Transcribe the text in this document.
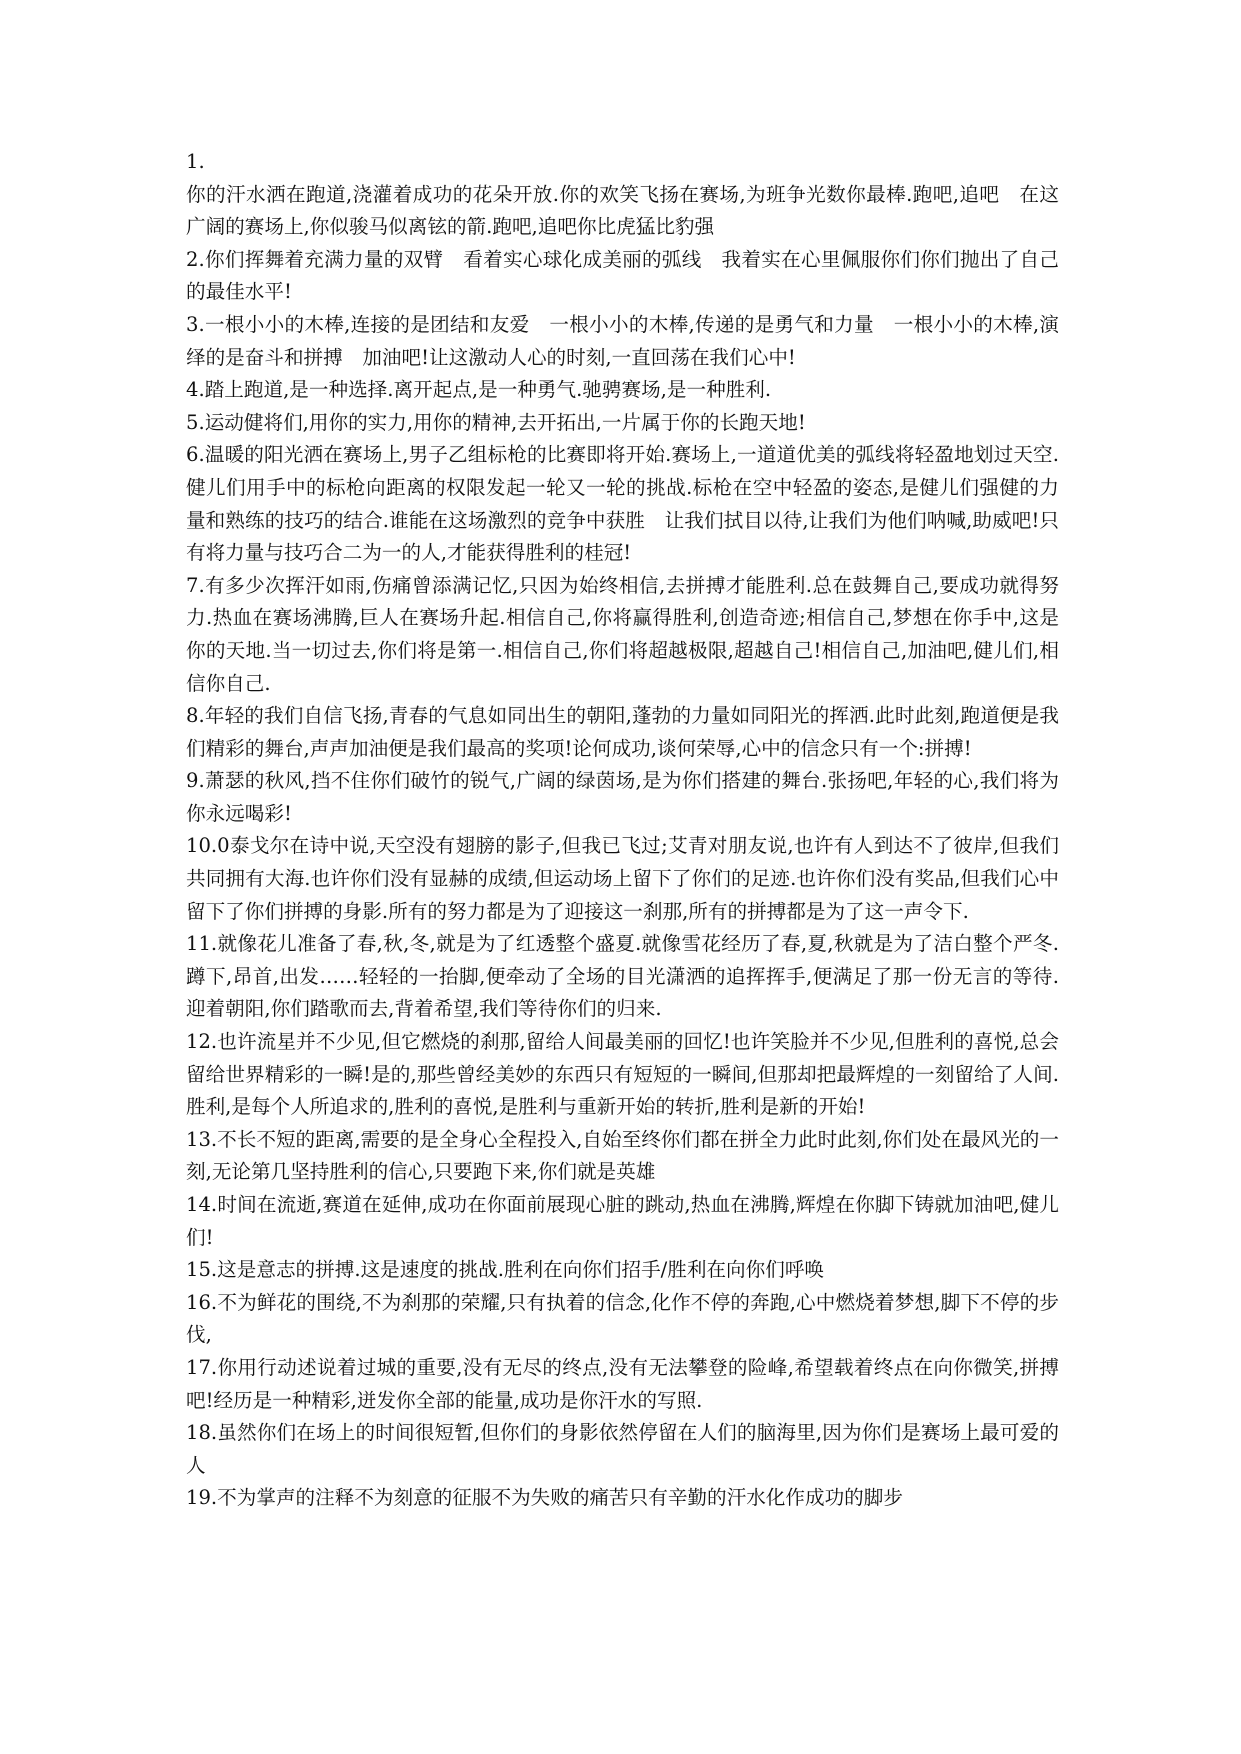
1.
你的汗水洒在跑道,浇灌着成功的花朵开放.你的欢笑飞扬在赛场,为班争光数你最棒.跑吧,追吧　在这广阔的赛场上,你似骏马似离铉的箭.跑吧,追吧你比虎猛比豹强

2.你们挥舞着充满力量的双臂　看着实心球化成美丽的弧线　我着实在心里佩服你们你们抛出了自己的最佳水平!

3.一根小小的木棒,连接的是团结和友爱　一根小小的木棒,传递的是勇气和力量　一根小小的木棒,演绎的是奋斗和拼搏　加油吧!让这激动人心的时刻,一直回荡在我们心中!

4.踏上跑道,是一种选择.离开起点,是一种勇气.驰骋赛场,是一种胜利.

5.运动健将们,用你的实力,用你的精神,去开拓出,一片属于你的长跑天地!

6.温暖的阳光洒在赛场上,男子乙组标枪的比赛即将开始.赛场上,一道道优美的弧线将轻盈地划过天空.健儿们用手中的标枪向距离的权限发起一轮又一轮的挑战.标枪在空中轻盈的姿态,是健儿们强健的力量和熟练的技巧的结合.谁能在这场激烈的竞争中获胜　让我们拭目以待,让我们为他们呐喊,助威吧!只有将力量与技巧合二为一的人,才能获得胜利的桂冠!

7.有多少次挥汗如雨,伤痛曾添满记忆,只因为始终相信,去拼搏才能胜利.总在鼓舞自己,要成功就得努力.热血在赛场沸腾,巨人在赛场升起.相信自己,你将赢得胜利,创造奇迹;相信自己,梦想在你手中,这是你的天地.当一切过去,你们将是第一.相信自己,你们将超越极限,超越自己!相信自己,加油吧,健儿们,相信你自己.

8.年轻的我们自信飞扬,青春的气息如同出生的朝阳,蓬勃的力量如同阳光的挥洒.此时此刻,跑道便是我们精彩的舞台,声声加油便是我们最高的奖项!论何成功,谈何荣辱,心中的信念只有一个:拼搏!

9.萧瑟的秋风,挡不住你们破竹的锐气,广阔的绿茵场,是为你们搭建的舞台.张扬吧,年轻的心,我们将为你永远喝彩!

10.0泰戈尔在诗中说,天空没有翅膀的影子,但我已飞过;艾青对朋友说,也许有人到达不了彼岸,但我们共同拥有大海.也许你们没有显赫的成绩,但运动场上留下了你们的足迹.也许你们没有奖品,但我们心中留下了你们拼搏的身影.所有的努力都是为了迎接这一刹那,所有的拼搏都是为了这一声令下.

11.就像花儿准备了春,秋,冬,就是为了红透整个盛夏.就像雪花经历了春,夏,秋就是为了洁白整个严冬.蹲下,昂首,出发……轻轻的一抬脚,便牵动了全场的目光潇洒的追挥挥手,便满足了那一份无言的等待.迎着朝阳,你们踏歌而去,背着希望,我们等待你们的归来.

12.也许流星并不少见,但它燃烧的刹那,留给人间最美丽的回忆!也许笑脸并不少见,但胜利的喜悦,总会留给世界精彩的一瞬!是的,那些曾经美妙的东西只有短短的一瞬间,但那却把最辉煌的一刻留给了人间.胜利,是每个人所追求的,胜利的喜悦,是胜利与重新开始的转折,胜利是新的开始!

13.不长不短的距离,需要的是全身心全程投入,自始至终你们都在拼全力此时此刻,你们处在最风光的一刻,无论第几坚持胜利的信心,只要跑下来,你们就是英雄

14.时间在流逝,赛道在延伸,成功在你面前展现心脏的跳动,热血在沸腾,辉煌在你脚下铸就加油吧,健儿们!

15.这是意志的拼搏.这是速度的挑战.胜利在向你们招手/胜利在向你们呼唤

16.不为鲜花的围绕,不为刹那的荣耀,只有执着的信念,化作不停的奔跑,心中燃烧着梦想,脚下不停的步伐,

17.你用行动述说着过城的重要,没有无尽的终点,没有无法攀登的险峰,希望载着终点在向你微笑,拼搏吧!经历是一种精彩,迸发你全部的能量,成功是你汗水的写照.

18.虽然你们在场上的时间很短暂,但你们的身影依然停留在人们的脑海里,因为你们是赛场上最可爱的人

19.不为掌声的注释不为刻意的征服不为失败的痛苦只有辛勤的汗水化作成功的脚步
